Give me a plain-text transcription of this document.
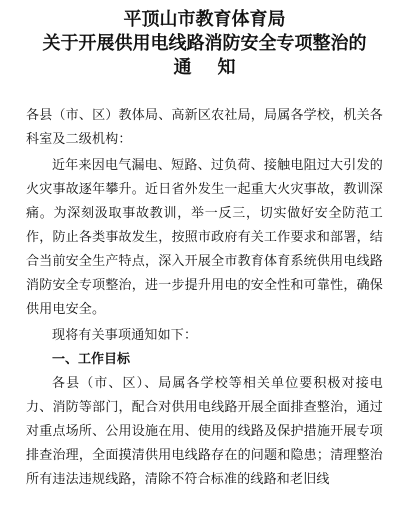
平顶山市教育体育局
关于开展供用电线路消防安全专项整治的
通知

各县（市、区）教体局、高新区农社局，局属各学校，机关各科室及二级机构：

近年来因电气漏电、短路、过负荷、接触电阻过大引发的火灾事故逐年攀升。近日省外发生一起重大火灾事故，教训深痛。为深刻汲取事故教训，举一反三，切实做好安全防范工作，防止各类事故发生，按照市政府有关工作要求和部署，结合当前安全生产特点，深入开展全市教育体育系统供用电线路消防安全专项整治，进一步提升用电的安全性和可靠性，确保供用电安全。

现将有关事项通知如下：

一、工作目标

各县（市、区）、局属各学校等相关单位要积极对接电力、消防等部门，配合对供用电线路开展全面排查整治，通过对重点场所、公用设施在用、使用的线路及保护措施开展专项排查治理，全面摸清供用电线路存在的问题和隐患；清理整治所有违法违规线路，清除不符合标准的线路和老旧线
